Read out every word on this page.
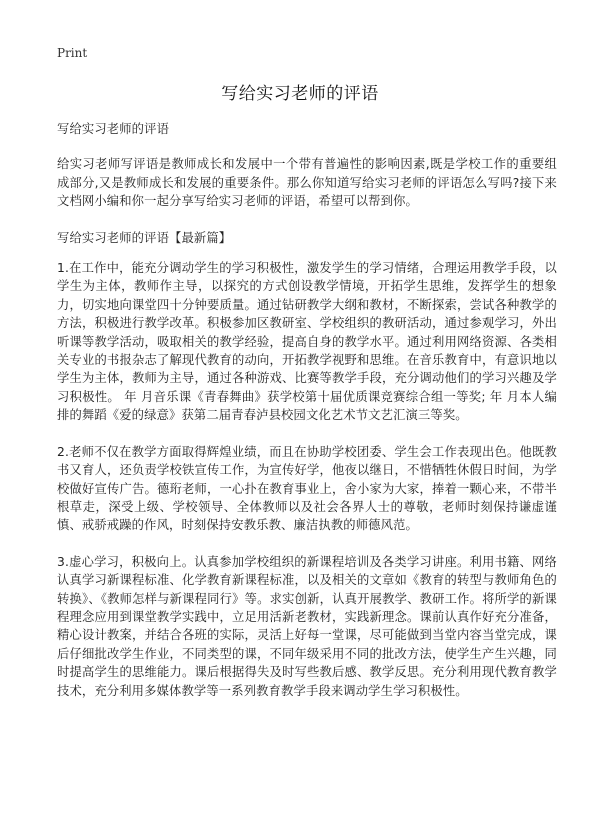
Print
写给实习老师的评语

写给实习老师的评语

给实习老师写评语是教师成长和发展中一个带有普遍性的影响因素,既是学校工作的重要组成部分,又是教师成长和发展的重要条件。那么你知道写给实习老师的评语怎么写吗?接下来文档网小编和你一起分享写给实习老师的评语，希望可以帮到你。

写给实习老师的评语【最新篇】

1.在工作中，能充分调动学生的学习积极性，激发学生的学习情绪，合理运用教学手段，以学生为主体，教师作主导，以探究的方式创设教学情境，开拓学生思维，发挥学生的想象力，切实地向课堂四十分钟要质量。通过钻研教学大纲和教材，不断探索，尝试各种教学的方法，积极进行教学改革。积极参加区教研室、学校组织的教研活动，通过参观学习，外出听课等教学活动，吸取相关的教学经验，提高自身的教学水平。通过利用网络资源、各类相关专业的书报杂志了解现代教育的动向，开拓教学视野和思维。在音乐教育中，有意识地以学生为主体，教师为主导，通过各种游戏、比赛等教学手段，充分调动他们的学习兴趣及学习积极性。 年 月音乐课《青春舞曲》获学校第十届优质课竞赛综合组一等奖; 年 月本人编排的舞蹈《爱的绿意》获第二届青春泸县校园文化艺术节文艺汇演三等奖。

2.老师不仅在教学方面取得辉煌业绩，而且在协助学校团委、学生会工作表现出色。他既教书又育人，还负责学校铁宣传工作，为宣传好学，他夜以继日，不惜牺牲休假日时间，为学校做好宣传广告。德珩老师，一心扑在教育事业上，舍小家为大家，捧着一颗心来，不带半根草走，深受上级、学校领导、全体教师以及社会各界人士的尊敬，老师时刻保持谦虚谨慎、戒骄戒躁的作风，时刻保持安教乐教、廉洁执教的师德风范。

3.虚心学习，积极向上。认真参加学校组织的新课程培训及各类学习讲座。利用书籍、网络认真学习新课程标准、化学教育新课程标准，以及相关的文章如《教育的转型与教师角色的转换》、《教师怎样与新课程同行》等。求实创新，认真开展教学、教研工作。将所学的新课程理念应用到课堂教学实践中，立足用活新老教材，实践新理念。课前认真作好充分准备，精心设计教案，并结合各班的实际，灵活上好每一堂课，尽可能做到当堂内容当堂完成，课后仔细批改学生作业，不同类型的课，不同年级采用不同的批改方法，使学生产生兴趣，同时提高学生的思维能力。课后根据得失及时写些教后感、教学反思。充分利用现代教育教学技术，充分利用多媒体教学等一系列教育教学手段来调动学生学习积极性。
